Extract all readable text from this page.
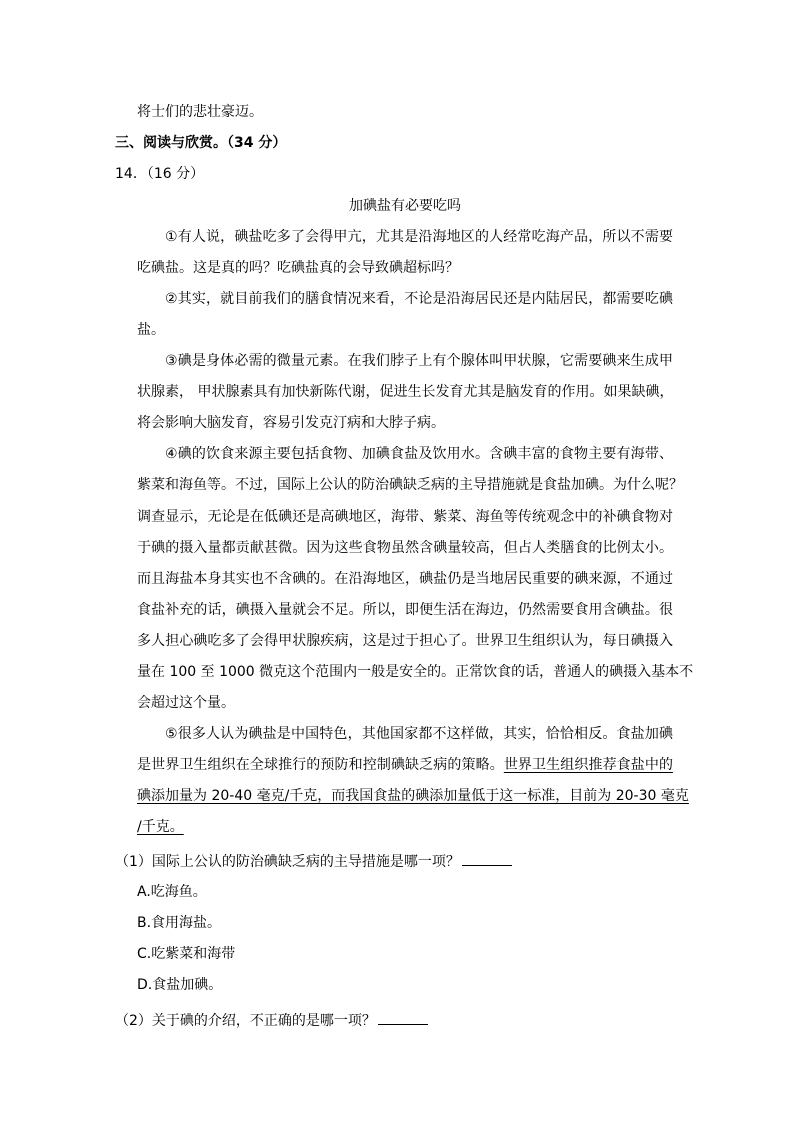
将士们的悲壮豪迈。
三、阅读与欣赏。（34 分）
14．（16 分）
加碘盐有必要吃吗
①有人说，碘盐吃多了会得甲亢，尤其是沿海地区的人经常吃海产品，所以不需要
吃碘盐。这是真的吗？吃碘盐真的会导致碘超标吗？
②其实，就目前我们的膳食情况来看，不论是沿海居民还是内陆居民，都需要吃碘
盐。
③碘是身体必需的微量元素。在我们脖子上有个腺体叫甲状腺，它需要碘来生成甲
状腺素， 甲状腺素具有加快新陈代谢，促进生长发育尤其是脑发育的作用。如果缺碘，
将会影响大脑发育，容易引发克汀病和大脖子病。
④碘的饮食来源主要包括食物、加碘食盐及饮用水。含碘丰富的食物主要有海带、
紫菜和海鱼等。不过，国际上公认的防治碘缺乏病的主导措施就是食盐加碘。为什么呢？
调查显示，无论是在低碘还是高碘地区，海带、紫菜、海鱼等传统观念中的补碘食物对
于碘的摄入量都贡献甚微。因为这些食物虽然含碘量较高，但占人类膳食的比例太小。
而且海盐本身其实也不含碘的。在沿海地区，碘盐仍是当地居民重要的碘来源，不通过
食盐补充的话，碘摄入量就会不足。所以，即便生活在海边，仍然需要食用含碘盐。很
多人担心碘吃多了会得甲状腺疾病，这是过于担心了。世界卫生组织认为，每日碘摄入
量在 100 至 1000 微克这个范围内一般是安全的。正常饮食的话，普通人的碘摄入基本不
会超过这个量。
⑤很多人认为碘盐是中国特色，其他国家都不这样做，其实，恰恰相反。食盐加碘
是世界卫生组织在全球推行的预防和控制碘缺乏病的策略。世界卫生组织推荐食盐中的
碘添加量为 20-40 毫克/千克，而我国食盐的碘添加量低于这一标准，目前为 20-30 毫克
/千克。
（1）国际上公认的防治碘缺乏病的主导措施是哪一项？
A.吃海鱼。
B.食用海盐。
C.吃紫菜和海带
D.食盐加碘。
（2）关于碘的介绍，不正确的是哪一项？
